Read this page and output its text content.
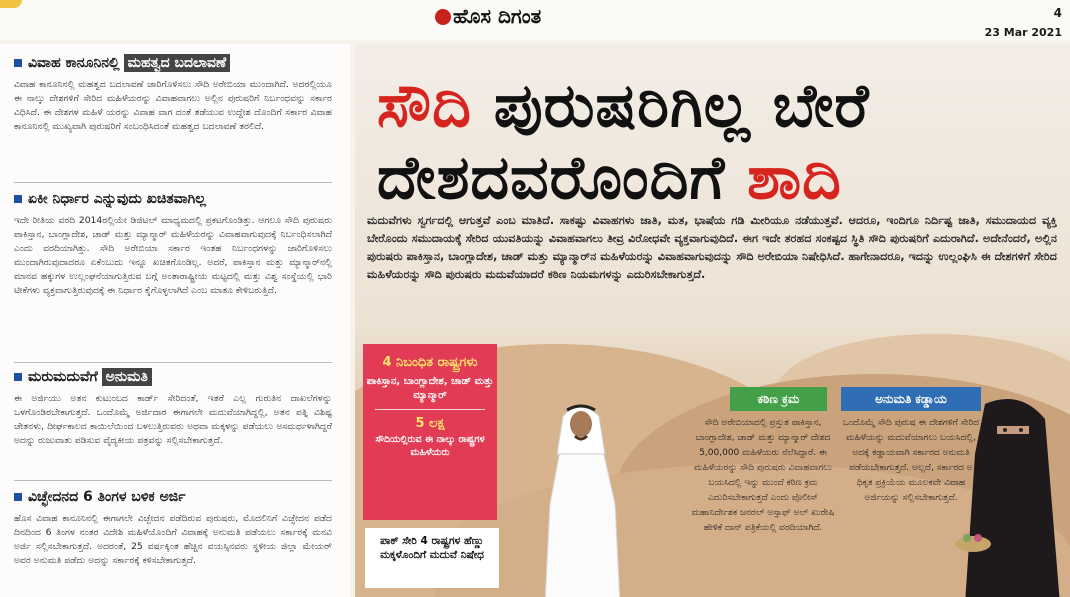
ಹೊಸ ದಿಗಂತ	4
23 Mar 2021
ವಿವಾಹ ಕಾನೂನಿನಲ್ಲಿ ಮಹತ್ವದ ಬದಲಾವಣೆ
ವಿವಾಹ ಕಾನೂನಿನಲ್ಲಿ ಮಹತ್ವದ ಬದಲಾವಣೆ ಜಾರಿಗೊಳಿಸಲು ಸೌದಿ ಅರೇಬಿಯಾ ಮುಂದಾಗಿದೆ. ಅದರಲ್ಲಿಯೂ ಈ ನಾಲ್ಕು ದೇಶಗಳಿಗೆ ಸೇರಿದ ಮಹಿಳೆಯರನ್ನು ವಿವಾಹವಾಗಲು ಅಲ್ಲಿನ ಪುರುಷರಿಗೆ ನಿರ್ಬಂಧವನ್ನು ಸರ್ಕಾರ ವಿಧಿಸಿದೆ. ಈ ದೇಶಗಳ ಮಹಿಳೆ ಯರನ್ನು ವಿವಾಹ ವಾಗ ದಂತೆ ತಡೆಯುವ ಉದ್ದೇಶ ದೊಂದಿಗೆ ಸರ್ಕಾರ ವಿವಾಹ ಕಾನೂನಿನಲ್ಲಿ ಮುಖ್ಯವಾಗಿ ಪುರುಷರಿಗೆ ಸಂಬಂಧಿಸಿದಂತೆ ಮಹತ್ವದ ಬದಲಾವಣೆ ತರಲಿದೆ.
ಏಕೀ ನಿರ್ಧಾರ ಎನ್ನುವುದು ಖಚಿತವಾಗಿಲ್ಲ
ಇದೇ ರೀತಿಯ ವರದಿ 2014ರಲ್ಲಿಯೇ ಡಿಜಿಟಲ್ ಮಾಧ್ಯಮದಲ್ಲಿ ಪ್ರಕಟಗೊಂಡಿತ್ತು. ಆಗಲೂ ಸೌದಿ ಪುರುಷರು ಪಾಕಿಸ್ತಾನ, ಬಾಂಗ್ಲಾದೇಶ, ಚಾಡ್ ಮತ್ತು ಮ್ಯಾನ್ಮಾರ್ ಮಹಿಳೆಯರನ್ನು ವಿವಾಹವಾಗುವುದಕ್ಕೆ ನಿರ್ಬಂಧಿಸಲಾಗಿದೆ ಎಂದು ವರದಿಯಾಗಿತ್ತು. ಸೌದಿ ಅರೇಬಿಯಾ ಸರ್ಕಾರ ಇಂತಹ ನಿರ್ಬಂಧಗಳನ್ನು ಜಾರಿಗೊಳಿಸಲು ಮುಂದಾಗಿರುವುದಾದರೂ ಏಕೆಂಬುದು ಇನ್ನೂ ಖಚಿತಗೊಂಡಿಲ್ಲ. ಅದರೆ, ಪಾಕಿಸ್ತಾನ ಮತ್ತು ಮ್ಯಾನ್ಮಾರ್‌ನಲ್ಲಿ ಮಾನವ ಹಕ್ಕುಗಳ ಉಲ್ಲಂಘನೆಯಾಗುತ್ತಿರುವ ಬಗ್ಗೆ ಅಂತಾರಾಷ್ಟ್ರೀಯ ಮಟ್ಟದಲ್ಲಿ ಮತ್ತು ವಿಶ್ವ ಸಂಸ್ಥೆಯಲ್ಲಿ ಭಾರಿ ಟೀಕೆಗಳು ವ್ಯಕ್ತವಾಗುತ್ತಿರುವುದಕ್ಕೆ ಈ ನಿರ್ಧಾರ ಕೈಗೊಳ್ಳಲಾಗಿದೆ ಎಂಬ ಮಾತೂ ಕೇಳಿಬರುತ್ತಿದೆ.
ಮರುಮದುವೆಗೆ ಅನುಮತಿ
ಈ ಅರ್ಜಿಯು ಅತನ ಕುಟುಂಬದ ಕಾರ್ಡ್ ಸೇರಿದಂತೆ, ಇತರೆ ಎಲ್ಲ ಗುರುತಿನ ದಾಖಲೆಗಳನ್ನು ಒಳಗೊಂಡಿರಬೇಕಾಗುತ್ತದೆ. ಒಂದೊಮ್ಮೆ ಅರ್ಜಿದಾರ ಈಗಾಗಲೇ ಮದುವೆಯಾಗಿದ್ದಲ್ಲಿ, ಅತನ ಪತ್ನಿ ವಿಶಿಷ್ಟ ಚೇತನಳು, ದೀರ್ಘಕಾಲದ ಕಾಯಿಲೆಯಿಂದ ಬಳಲುತ್ತಿರುವರು ಅಥವಾ ಮಕ್ಕಳನ್ನು ಪಡೆಯಲು ಅಸಮರ್ಥಳಾಗಿದ್ದರೆ ಅದನ್ನು ರುಜುವಾತು ಪಡಿಸುವ ವೈದ್ಯಕೀಯ ಪತ್ರವನ್ನು ಸಲ್ಲಿಸಬೇಕಾಗುತ್ತದೆ.
ವಿಚ್ಛೇದನದ 6 ತಿಂಗಳ ಬಳಿಕ ಅರ್ಜಿ
ಹೊಸ ವಿವಾಹ ಕಾನೂನಿನಲ್ಲಿ ಈಗಾಗಲೇ ವಿಚ್ಛೇದನ ಪಡೆದಿರುವ ಪುರುಷರು, ಮೊದಲಿನಿಗೆ ವಿಚ್ಛೇದನ ಪಡೆದ ದಿನದಿಂದ 6 ತಿಂಗಳ ನಂತರ ವಿದೇಶಿ ಮಹಿಳೆಯೊಂದಿಗೆ ವಿವಾಹಕ್ಕೆ ಅನುಮತಿ ಪಡೆಯಲು ಸರ್ಕಾರಕ್ಕೆ ಮನವಿ ಅರ್ಜಿ ಸಲ್ಲಿಸಬೇಕಾಗುತ್ತದೆ. ಅದರಂತೆ, 25 ವರ್ಷಕ್ಕಿಂತ ಹೆಚ್ಚಿನ ವಯಸ್ಸಿನವರು ಸ್ಥಳೀಯ ಜಿಲ್ಲಾ ಮೇಯರ್ ಅವರ ಅನುಮತಿ ಪಡೆದು ಅದನ್ನು ಸರ್ಕಾರಕ್ಕೆ ಕಳಿಸಬೇಕಾಗುತ್ತದೆ.
ಸೌದಿ ಪುರುಷರಿಗಿಲ್ಲ ಬೇರೆ
ದೇಶದವರೊಂದಿಗೆ ಶಾದಿ
ಮದುವೆಗಳು ಸ್ವರ್ಗದಲ್ಲಿ ಆಗುತ್ತವೆ ಎಂಬ ಮಾತಿದೆ. ಸಾಕಷ್ಟು ವಿವಾಹಗಳು ಜಾತಿ, ಮತ, ಭಾಷೆಯ ಗಡಿ ಮೀರಿಯೂ ನಡೆಯುತ್ತವೆ. ಆದರೂ, ಇಂದಿಗೂ ನಿರ್ದಿಷ್ಟ ಜಾತಿ, ಸಮುದಾಯದ ವ್ಯಕ್ತಿ ಬೇರೊಂದು ಸಮುದಾಯಕ್ಕೆ ಸೇರಿದ ಯುವತಿಯನ್ನು ವಿವಾಹವಾಗಲು ತೀವ್ರ ವಿರೋಧವೇ ವ್ಯಕ್ತವಾಗುವುದಿದೆ. ಈಗ ಇದೇ ತರಹದ ಸಂಕಷ್ಟದ ಸ್ಥಿತಿ ಸೌದಿ ಪುರುಷರಿಗೆ ಎದುರಾಗಿದೆ. ಅದೇನೆಂದರೆ, ಅಲ್ಲಿನ ಪುರುಷರು ಪಾಕಿಸ್ತಾನ, ಬಾಂಗ್ಲಾದೇಶ, ಚಾಡ್ ಮತ್ತು ಮ್ಯಾನ್ಮಾರ್‌ನ ಮಹಿಳೆಯರನ್ನು ವಿವಾಹವಾಗುವುದನ್ನು ಸೌದಿ ಅರೇಬಿಯಾ ನಿಷೇಧಿಸಿದೆ. ಹಾಗೇನಾದರೂ, ಇದನ್ನು ಉಲ್ಲಂಘಿಸಿ ಈ ದೇಶಗಳಿಗೆ ಸೇರಿದ ಮಹಿಳೆಯರನ್ನು ಸೌದಿ ಪುರುಷರು ಮದುವೆಯಾದರೆ ಕಠಿಣ ನಿಯಮಗಳನ್ನು ಎದುರಿಸಬೇಕಾಗುತ್ತದೆ.
4 ನಿಬಂಧಿತ ರಾಷ್ಟ್ರಗಳು
ಪಾಕಿಸ್ತಾನ, ಬಾಂಗ್ಲಾದೇಶ, ಚಾಡ್ ಮತ್ತು ಮ್ಯಾನ್ಮಾರ್
5 ಲಕ್ಷ
ಸೌದಿಯಲ್ಲಿರುವ ಈ ನಾಲ್ಕು ರಾಷ್ಟ್ರಗಳ ಮಹಿಳೆಯರು
ಪಾಕ್ ಸೇರಿ 4 ರಾಷ್ಟ್ರಗಳ ಹೆಣ್ಣು ಮಕ್ಕಳೊಂದಿಗೆ ಮದುವೆ ನಿಷೇಧ
ಕಠಿಣ ಕ್ರಮ
ಸೌದಿ ಅರೇಬಿಯಾದಲ್ಲಿ ಪ್ರಸ್ತುತ ಪಾಕಿಸ್ತಾನ, ಬಾಂಗ್ಲಾದೇಶ, ಚಾಡ್ ಮತ್ತು ಮ್ಯಾನ್ಮಾರ್ ದೇಶದ 5,00,000 ಮಹಿಳೆಯರು ನೆಲೆಸಿದ್ದಾರೆ. ಈ ಮಹಿಳೆಯರನ್ನು ಸೌದಿ ಪುರುಷರು ವಿವಾಹವಾಗಲು ಬಯಸಿದಲ್ಲಿ ಇನ್ನು ಮುಂದೆ ಕಠಿಣ ಕ್ರಮ ಎದುರಿಸಬೇಕಾಗುತ್ತದೆ ಎಂದು ಪೊಲೀಸ್ ಮಹಾನಿರ್ದೇಶಕ ಜನರಲ್ ಅಸ್ಸಾಫ್ ಅಲ್ ಖುರೇಷಿ ಹೇಳಿಕೆ ದಾನ್ ಪತ್ರಿಕೆಯಲ್ಲಿ ವರದಿಯಾಗಿದೆ.
ಅನುಮತಿ ಕಡ್ಡಾಯ
ಒಂದೊಮ್ಮೆ ಸೌದಿ ಪುರುಷ ಈ ದೇಶಗಳಿಗೆ ಸೇರಿದ ಮಹಿಳೆಯನ್ನು ಮದುವೆಯಾಗಲು ಬಯಸಿದಲ್ಲಿ, ಅದಕ್ಕೆ ಕಡ್ಡಾಯವಾಗಿ ಸರ್ಕಾರದ ಅನುಮತಿ ಪಡೆಯಬೇಕಾಗುತ್ತದೆ. ಅಲ್ಲದೆ, ಸರ್ಕಾರದ ಅ ಧಿಕೃತ ಪ್ರಕ್ರಿಯೆಯ ಮೂಲಕವೇ ವಿವಾಹ ಅರ್ಜಿಯನ್ನು ಸಲ್ಲಿಸಬೇಕಾಗುತ್ತದೆ.
